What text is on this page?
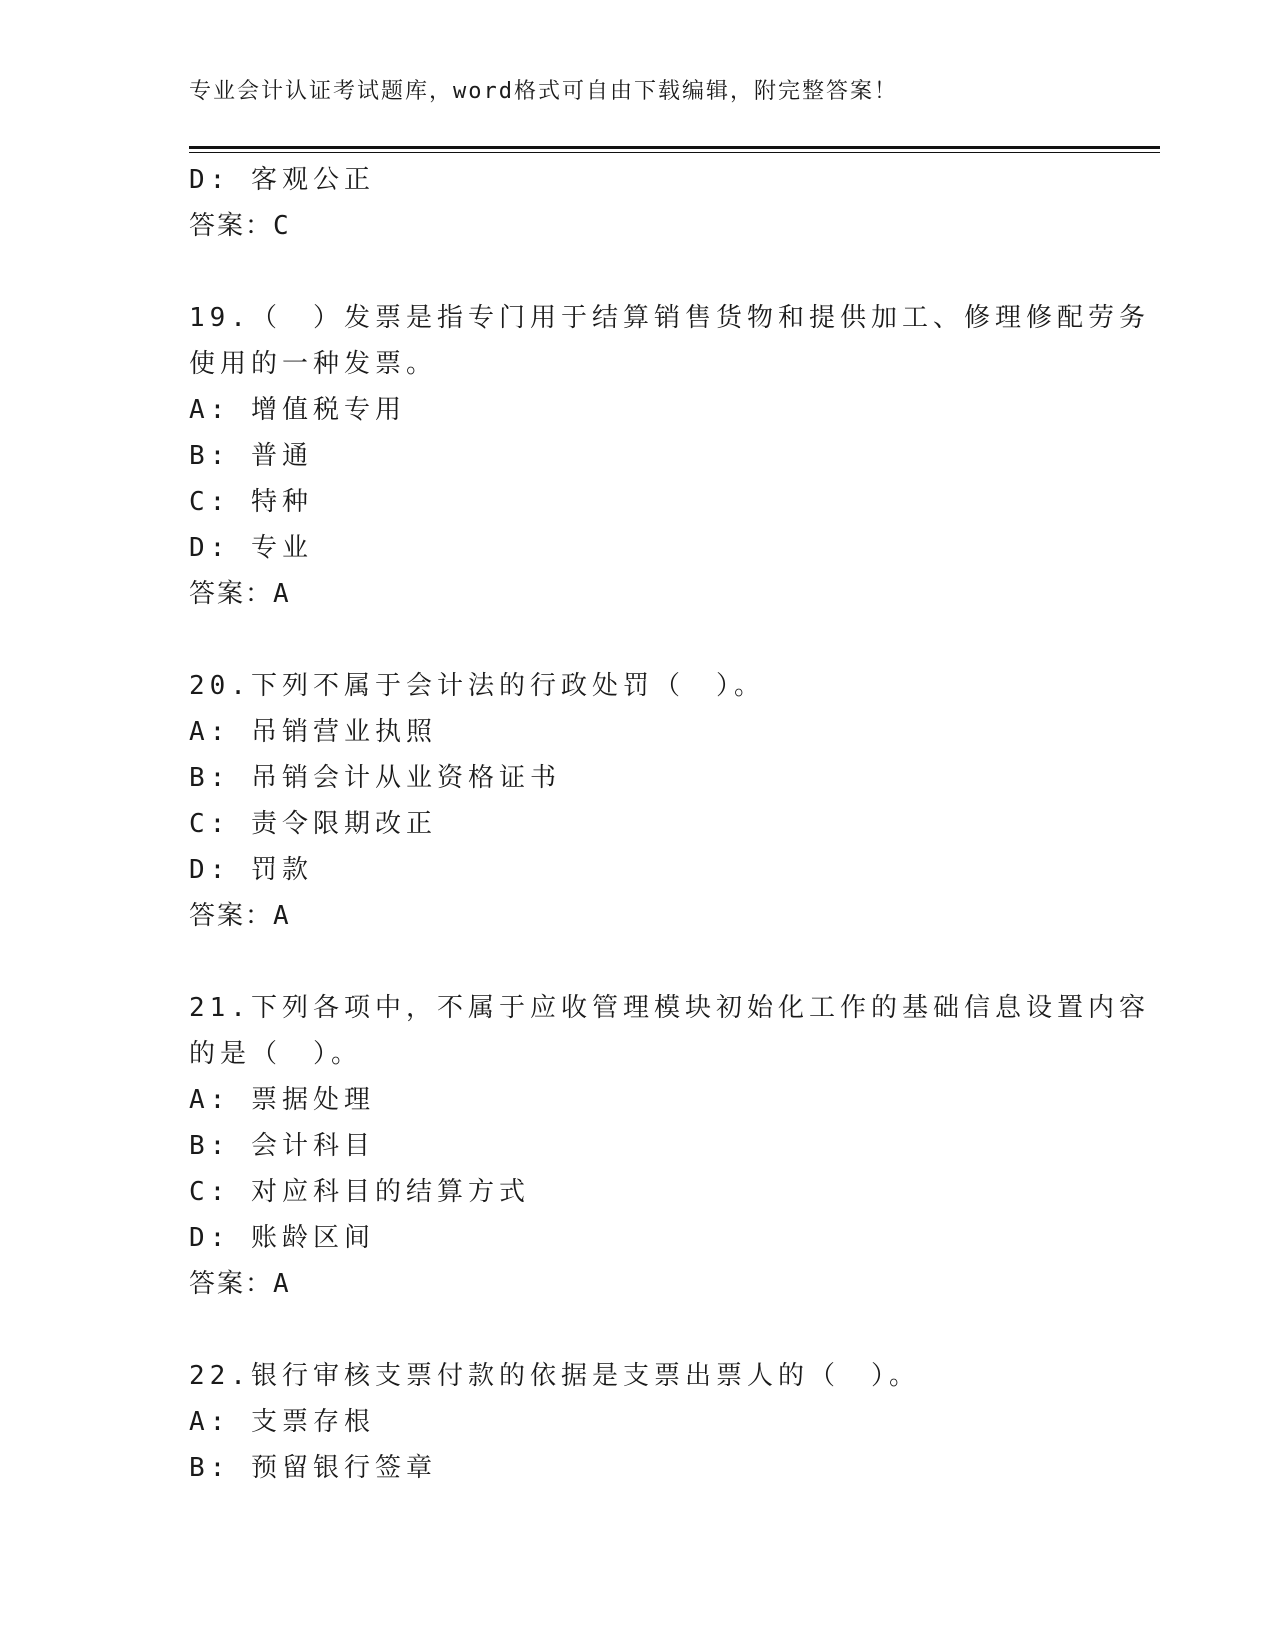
专业会计认证考试题库，word格式可自由下载编辑，附完整答案！
D: 客观公正
答案：C
19.（　）发票是指专门用于结算销售货物和提供加工、修理修配劳务
使用的一种发票。
A: 增值税专用
B: 普通
C: 特种
D: 专业
答案：A
20.下列不属于会计法的行政处罚（　）。
A: 吊销营业执照
B: 吊销会计从业资格证书
C: 责令限期改正
D: 罚款
答案：A
21.下列各项中，不属于应收管理模块初始化工作的基础信息设置内容
的是（　）。
A: 票据处理
B: 会计科目
C: 对应科目的结算方式
D: 账龄区间
答案：A
22.银行审核支票付款的依据是支票出票人的（　）。
A: 支票存根
B: 预留银行签章
